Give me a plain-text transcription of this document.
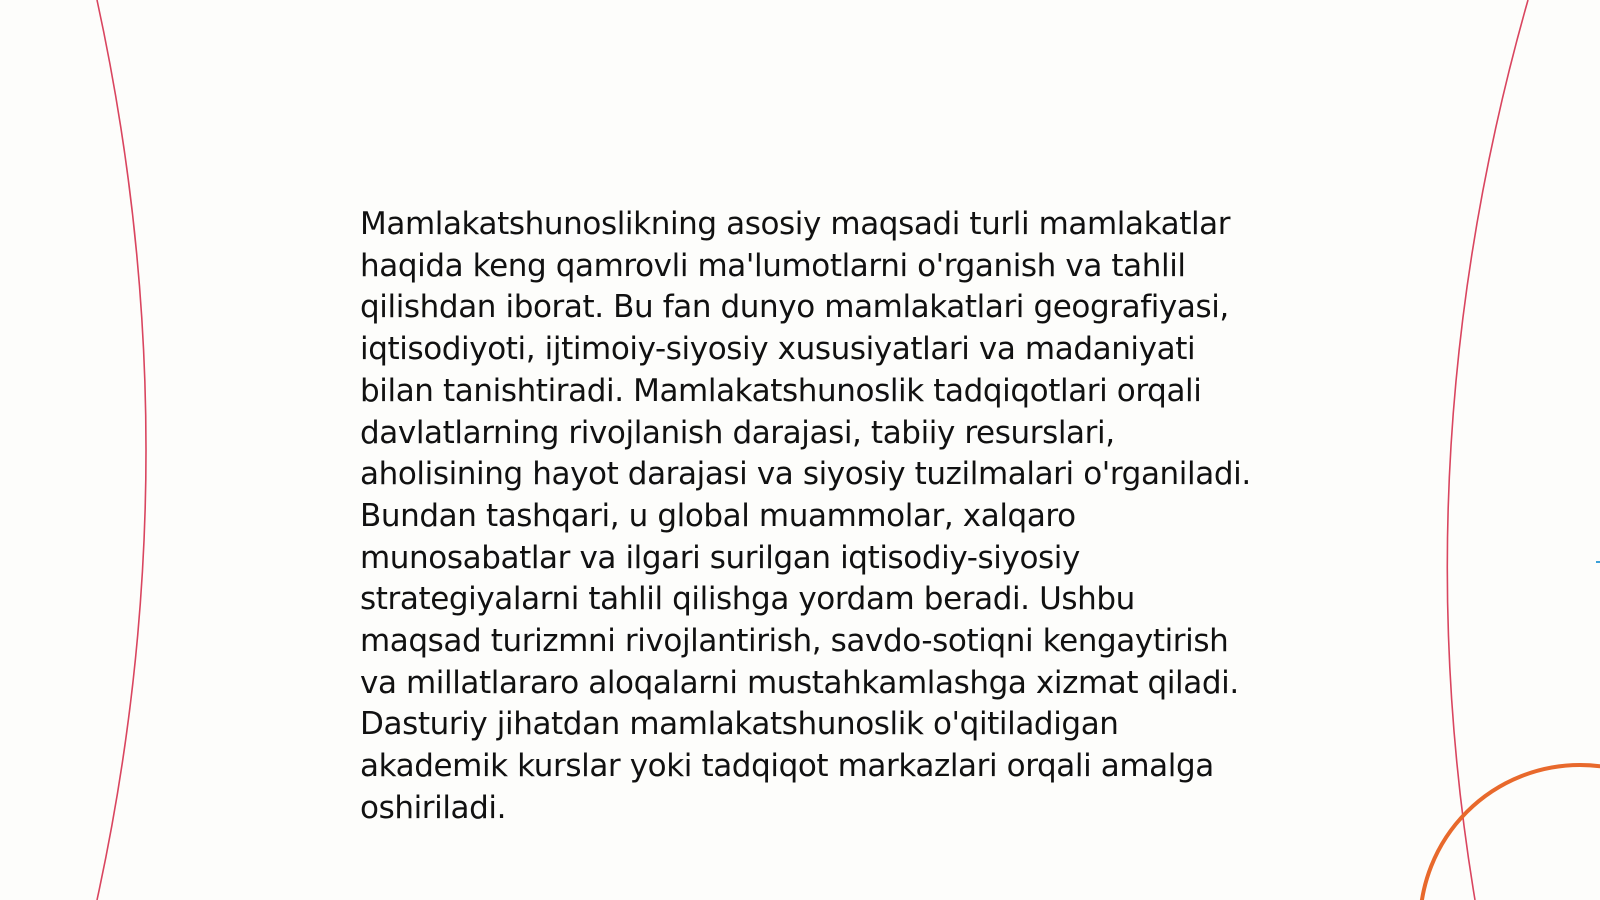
Mamlakatshunoslikning asosiy maqsadi turli mamlakatlar haqida keng qamrovli ma'lumotlarni o'rganish va tahlil qilishdan iborat. Bu fan dunyo mamlakatlari geografiyasi, iqtisodiyoti, ijtimoiy-siyosiy xususiyatlari va madaniyati bilan tanishtiradi. Mamlakatshunoslik tadqiqotlari orqali davlatlarning rivojlanish darajasi, tabiiy resurslari, aholisining hayot darajasi va siyosiy tuzilmalari o'rganiladi. Bundan tashqari, u global muammolar, xalqaro munosabatlar va ilgari surilgan iqtisodiy-siyosiy strategiyalarni tahlil qilishga yordam beradi. Ushbu maqsad turizmni rivojlantirish, savdo-sotiqni kengaytirish va millatlararo aloqalarni mustahkamlashga xizmat qiladi. Dasturiy jihatdan mamlakatshunoslik o'qitiladigan akademik kurslar yoki tadqiqot markazlari orqali amalga oshiriladi.
